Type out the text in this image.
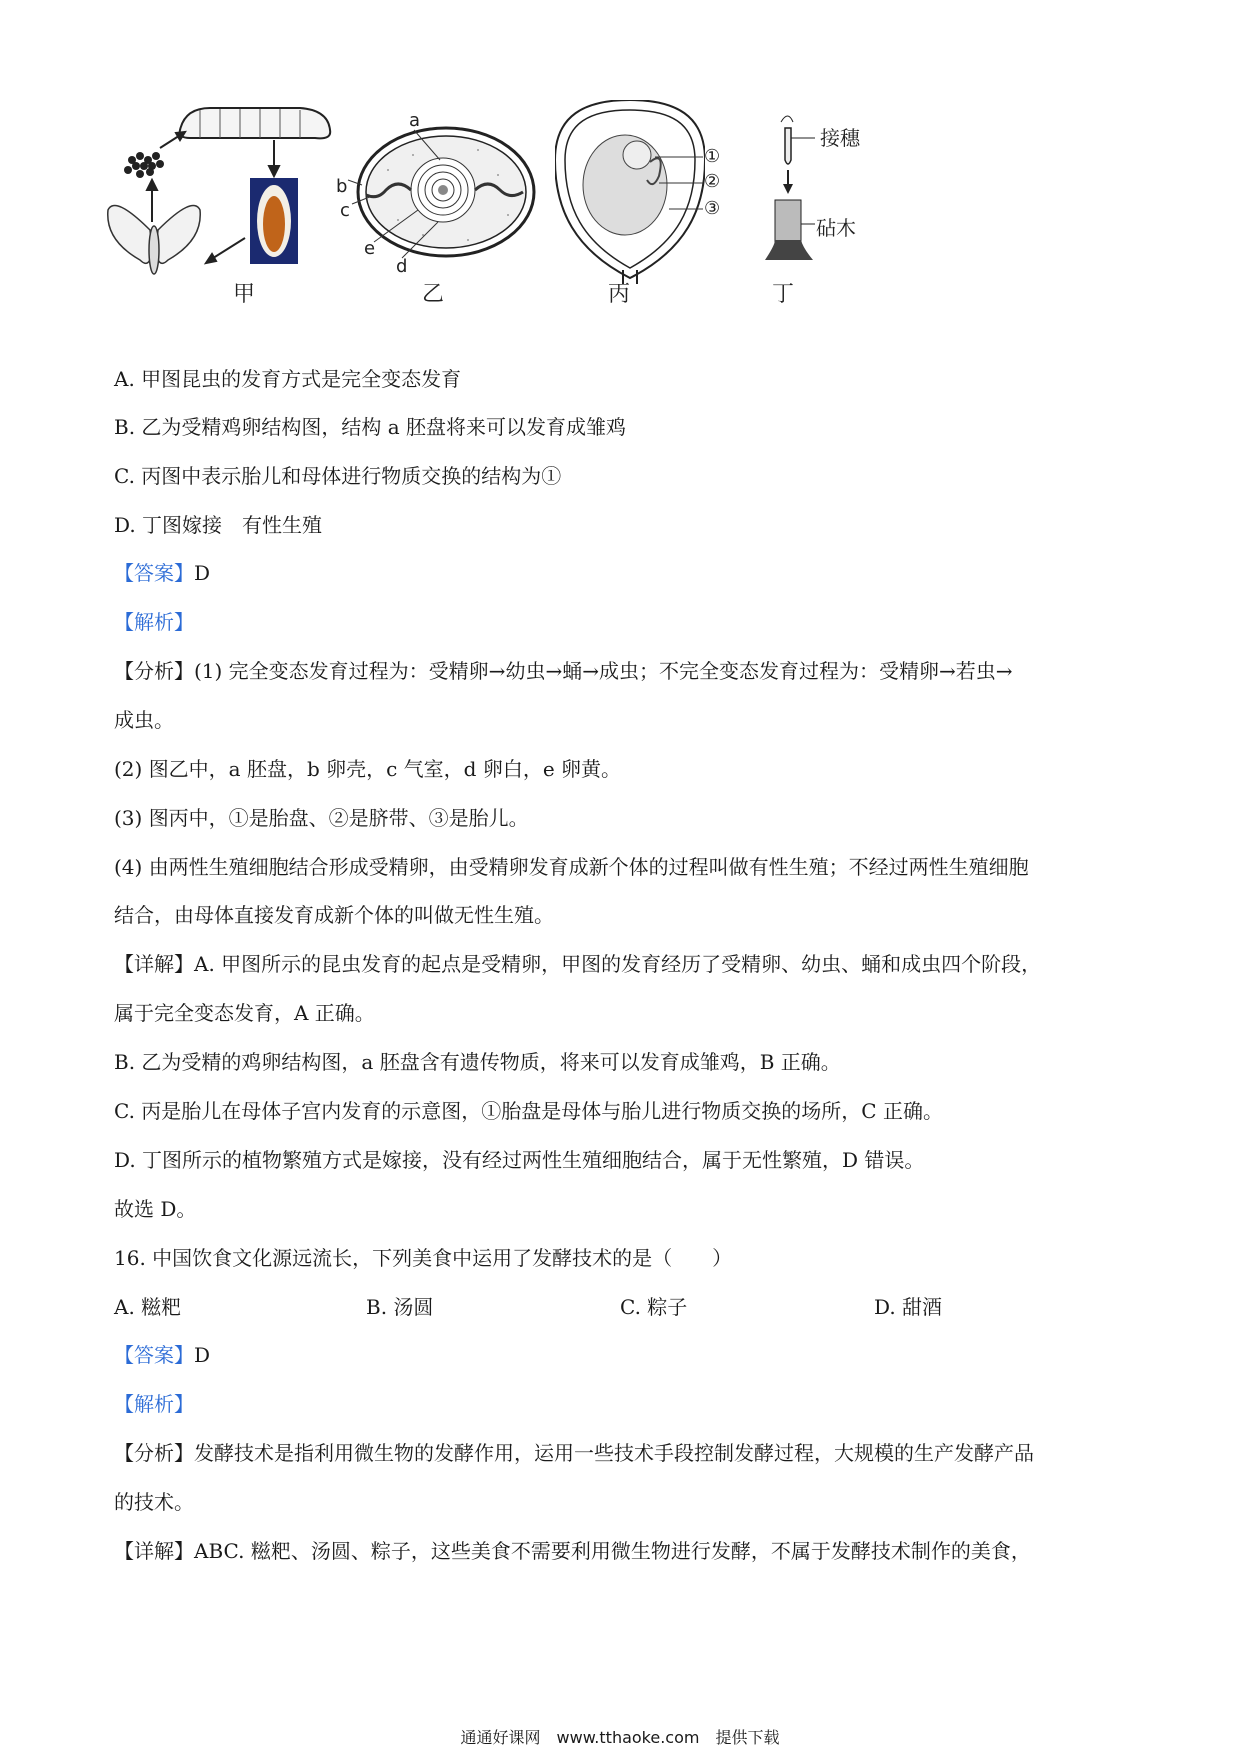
甲
a
b
c
e
d
乙
①
②
③
丙
接穗
砧木
丁
A. 甲图昆虫的发育方式是完全变态发育
B. 乙为受精鸡卵结构图，结构 a 胚盘将来可以发育成雏鸡
C. 丙图中表示胎儿和母体进行物质交换的结构为①
D. 丁图嫁接　有性生殖
【答案】D
【解析】
【分析】(1) 完全变态发育过程为：受精卵→幼虫→蛹→成虫；不完全变态发育过程为：受精卵→若虫→
成虫。
(2) 图乙中，a 胚盘，b 卵壳，c 气室，d 卵白，e 卵黄。
(3) 图丙中，①是胎盘、②是脐带、③是胎儿。
(4) 由两性生殖细胞结合形成受精卵，由受精卵发育成新个体的过程叫做有性生殖；不经过两性生殖细胞
结合，由母体直接发育成新个体的叫做无性生殖。
【详解】A. 甲图所示的昆虫发育的起点是受精卵，甲图的发育经历了受精卵、幼虫、蛹和成虫四个阶段，
属于完全变态发育，A 正确。
B. 乙为受精的鸡卵结构图，a 胚盘含有遗传物质，将来可以发育成雏鸡，B 正确。
C. 丙是胎儿在母体子宫内发育的示意图，①胎盘是母体与胎儿进行物质交换的场所，C 正确。
D. 丁图所示的植物繁殖方式是嫁接，没有经过两性生殖细胞结合，属于无性繁殖，D 错误。
故选 D。
16. 中国饮食文化源远流长，下列美食中运用了发酵技术的是（　　）
A. 糍粑	B. 汤圆	C. 粽子	D. 甜酒
【答案】D
【解析】
【分析】发酵技术是指利用微生物的发酵作用，运用一些技术手段控制发酵过程，大规模的生产发酵产品
的技术。
【详解】ABC. 糍粑、汤圆、粽子，这些美食不需要利用微生物进行发酵，不属于发酵技术制作的美食，
通通好课网　www.tthaoke.com　提供下载
